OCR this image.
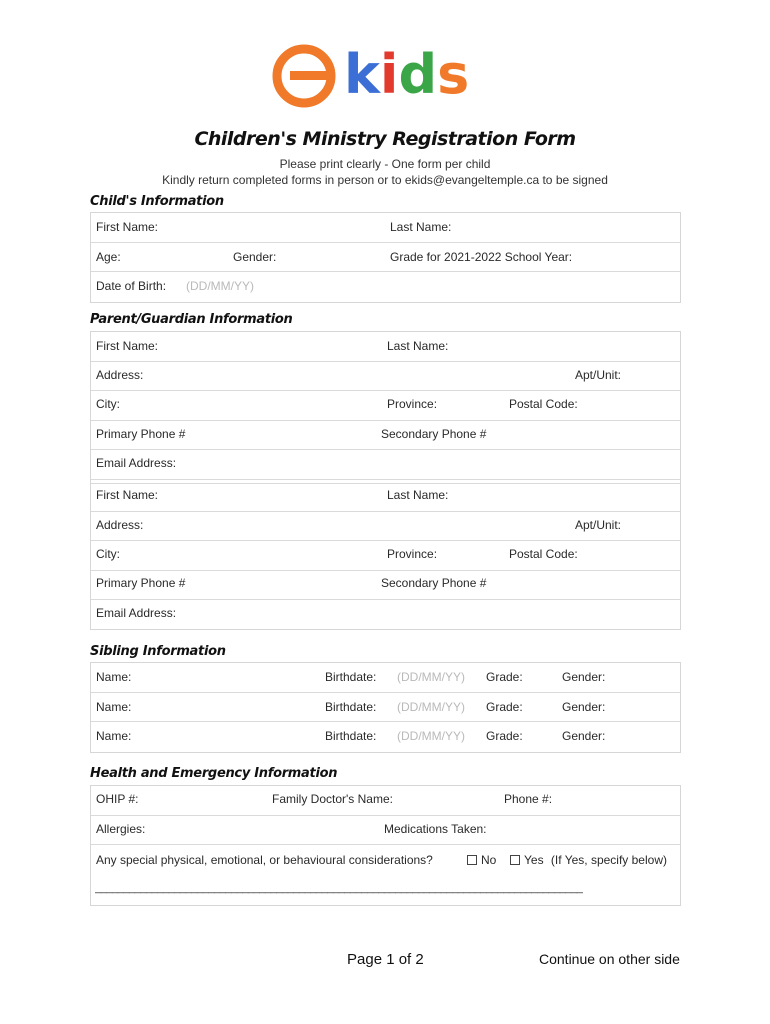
kids
Children's Ministry Registration Form
Please print clearly - One form per child
Kindly return completed forms in person or to ekids@evangeltemple.ca to be signed
Child's Information
First Name:	Last Name:
Age:	Gender:	Grade for 2021-2022 School Year:
Date of Birth: (DD/MM/YY)
Parent/Guardian Information
First Name:	Last Name:
Address:	Apt/Unit:
City:	Province:	Postal Code:
Primary Phone #	Secondary Phone #
Email Address:
First Name:	Last Name:
Address:	Apt/Unit:
City:	Province:	Postal Code:
Primary Phone #	Secondary Phone #
Email Address:
Sibling Information
Name:	Birthdate: (DD/MM/YY) Grade:	Gender:
Name:	Birthdate: (DD/MM/YY) Grade:	Gender:
Name:	Birthdate: (DD/MM/YY) Grade:	Gender:
Health and Emergency Information
OHIP #:	Family Doctor's Name:	Phone #:
Allergies:	Medications Taken:
Any special physical, emotional, or behavioural considerations?	No	Yes (If Yes, specify below)
______________________________________________________________________________________
Page 1 of 2	Continue on other side
